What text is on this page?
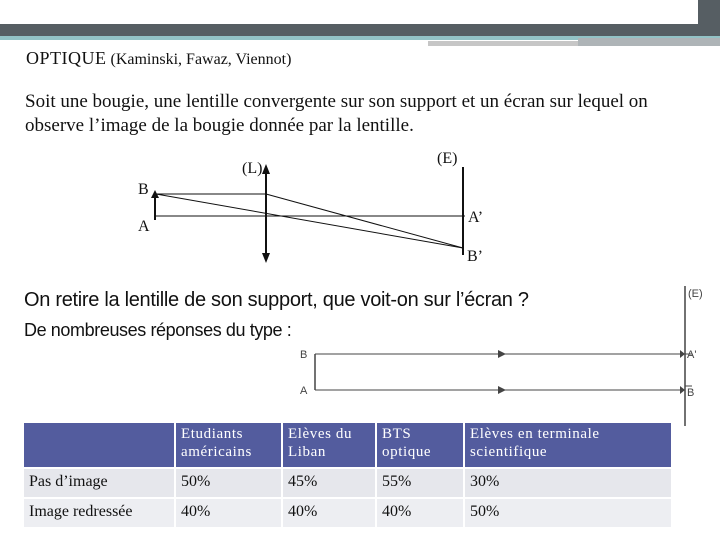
OPTIQUE (Kaminski, Fawaz, Viennot)
Soit une bougie, une lentille convergente sur son support et un écran sur lequel on observe l’image de la bougie donnée par la lentille.
(L)
(E)
B
A
A’
B’
On retire la lentille de son support, que voit-on sur l’écran ?
De nombreuses réponses du type :
(E)
B
A
A'
B
	Etudiants américains	Elèves du Liban	BTS optique	Elèves en terminale scientifique
Pas d’image	50%	45%	55%	30%
Image redressée	40%	40%	40%	50%
